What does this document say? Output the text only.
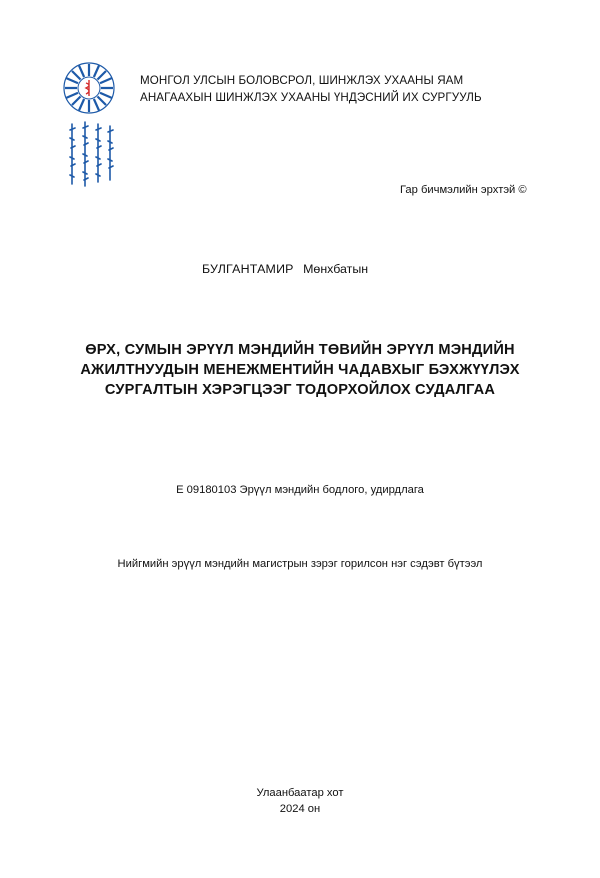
МОНГОЛ УЛСЫН БОЛОВСРОЛ, ШИНЖЛЭХ УХААНЫ ЯАМ
АНАГААХЫН ШИНЖЛЭХ УХААНЫ ҮНДЭСНИЙ ИХ СУРГУУЛЬ
Гар бичмэлийн эрхтэй ©
БУЛГАНТАМИР Мөнхбатын
ӨРХ, СУМЫН ЭРҮҮЛ МЭНДИЙН ТӨВИЙН ЭРҮҮЛ МЭНДИЙН
АЖИЛТНУУДЫН МЕНЕЖМЕНТИЙН ЧАДАВХЫГ БЭХЖҮҮЛЭХ
СУРГАЛТЫН ХЭРЭГЦЭЭГ ТОДОРХОЙЛОХ СУДАЛГАА
Е 09180103 Эрүүл мэндийн бодлого, удирдлага
Нийгмийн эрүүл мэндийн магистрын зэрэг горилсон нэг сэдэвт бүтээл
Улаанбаатар хот
2024 он
